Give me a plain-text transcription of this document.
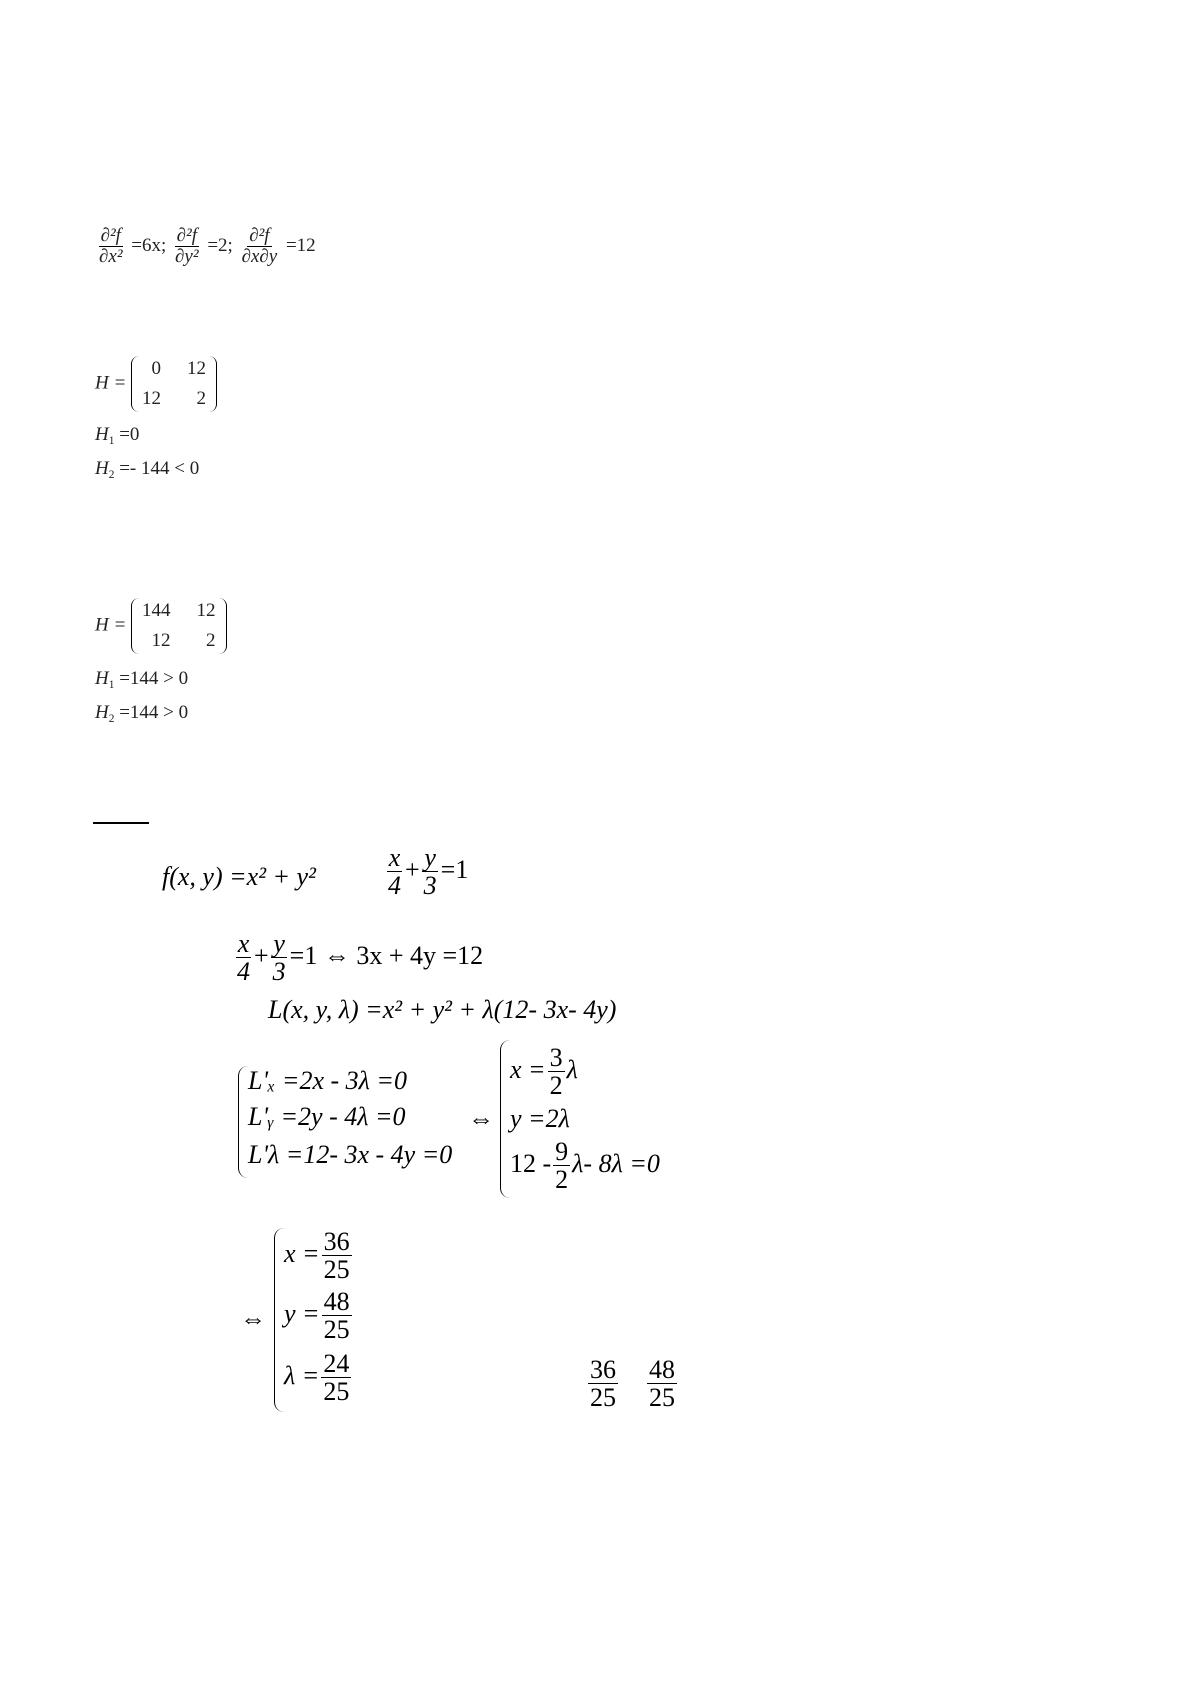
$\frac{\text{∂²f}}{\text{∂x²}} =6x$; $\frac{\text{∂²f}}{\text{∂y²}} =2$; $\frac{\text{∂²f}}{\partial x\partial y} =12$
H =
0 12
12	2
$H_1 =0$
$H_2 =- 144 < 0$
H =
144 12
12	2
$H_1 =144 > 0$
$H_2 =144 > 0$
f(x, y) =x² + y²	$\frac{x}{4} + \frac{y}{3} =1$
$\frac{x}{4} + \frac{y}{3} =1$ ⇔ 3x + 4y =12
L(x, y, λ) =x² + y² + λ(12- 3x- 4y)
L'ₓ =2x - 3λ =0
L'ᵧ =2y - 4λ =0
L'λ =12- 3x - 4y =0
⇔
$x = \frac{3}{2}$ λ
y =2λ
$12 - \frac{9}{2} \lambda-$ 8λ =0
⇔
$x = \frac{36}{25}$
$y = \frac{48}{25}$
$\lambda = \frac{24}{25}$	$\frac{36}{25}$
$\frac{48}{25}$
